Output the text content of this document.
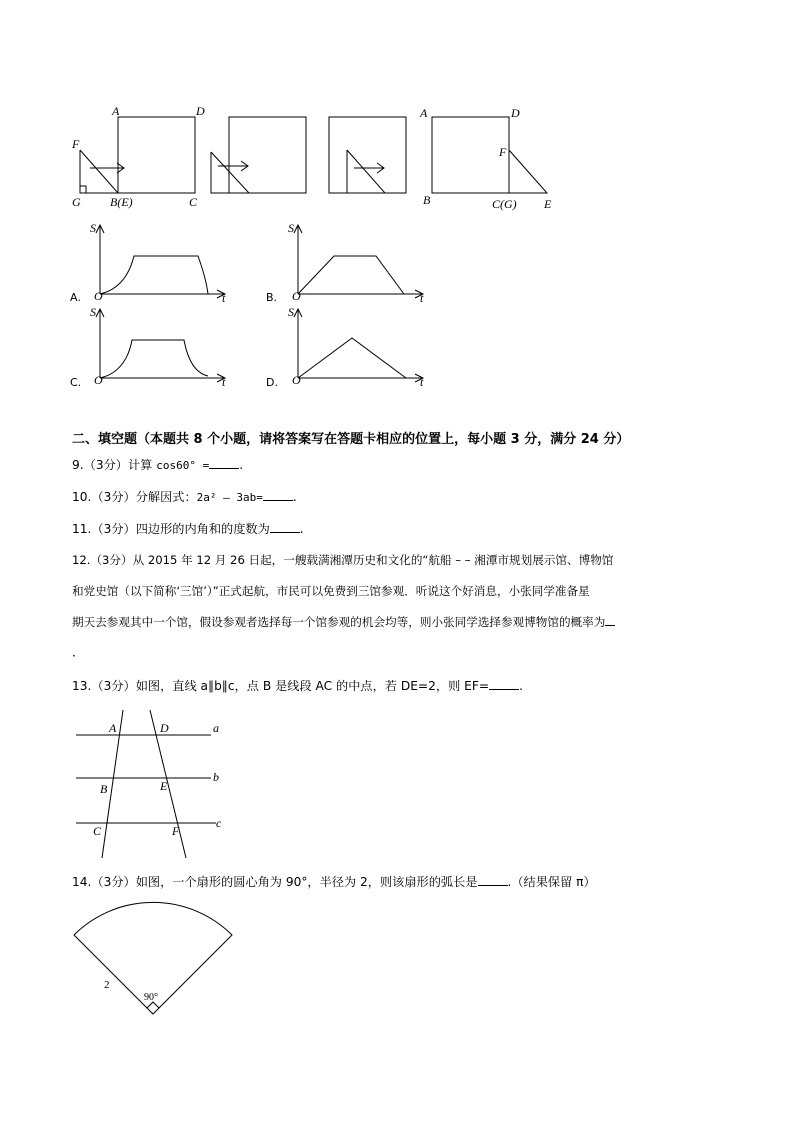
A	D
F
G B(E)	C
A	D
F
B	C(G) E
A.
S
O	t	B.
S
O	t
C.
S
O	t	D.
S
O	t
二、填空题（本题共 8 个小题，请将答案写在答题卡相应的位置上，每小题 3 分，满分 24 分）
9.（3分）计算 cos60° = .
10.（3分）分解因式：2a² – 3ab= .
11.（3分）四边形的内角和的度数为 .
12.（3分）从 2015 年 12 月 26 日起，一艘载满湘潭历史和文化的“航船 – – 湘潭市规划展示馆、博物馆
和党史馆（以下简称‘三馆’）”正式起航，市民可以免费到三馆参观．听说这个好消息，小张同学准备星
期天去参观其中一个馆，假设参观者选择每一个馆参观的机会均等，则小张同学选择参观博物馆的概率为
．
13.（3分）如图，直线 a∥b∥c，点 B 是线段 AC 的中点，若 DE=2，则 EF= .
A	D	a
B	E
b
C	F
c
14.（3分）如图，一个扇形的圆心角为 90°，半径为 2，则该扇形的弧长是 .（结果保留 π）
2
90°
